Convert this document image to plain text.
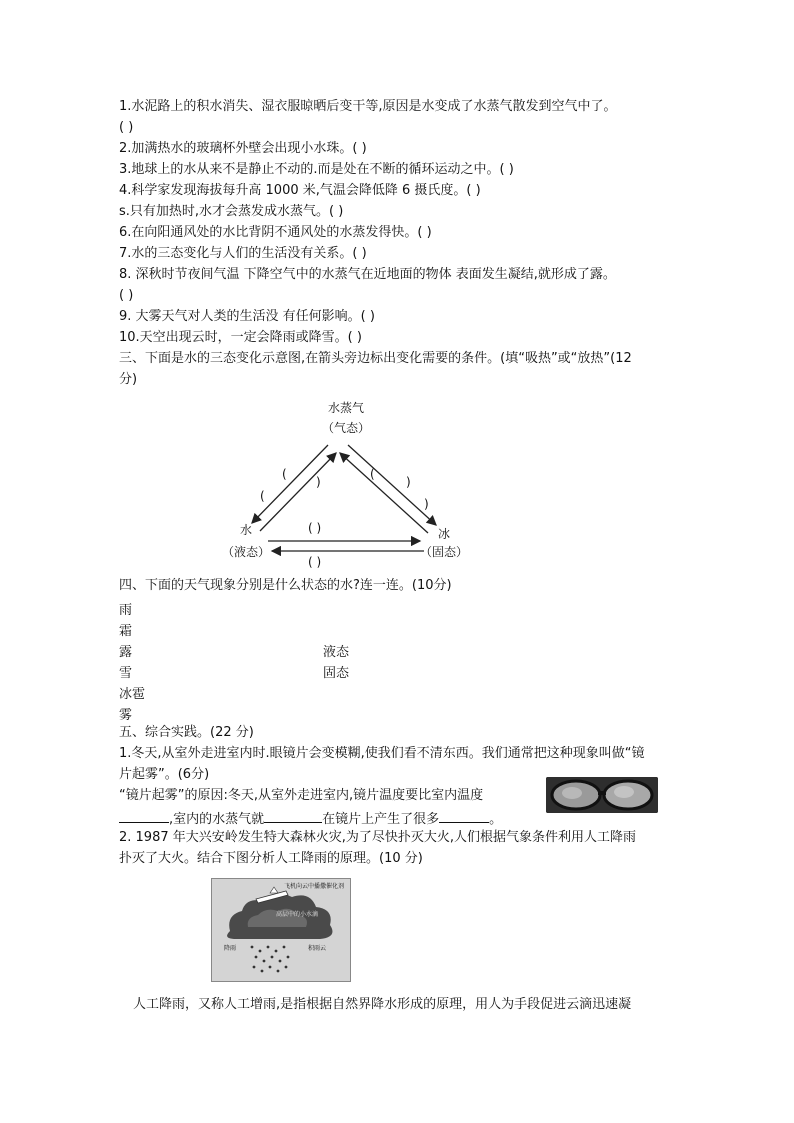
1.水泥路上的积水消失、湿衣服晾晒后变干等,原因是水变成了水蒸气散发到空气中了。
( )
2.加满热水的玻璃杯外壁会出现小水珠。( )
3.地球上的水从来不是静止不动的.而是处在不断的循环运动之中。( )
4.科学家发现海拔每升高 1000 米,气温会降低降 6 摄氏度。( )
s.只有加热时,水才会蒸发成水蒸气。( )
6.在向阳通风处的水比背阴不通风处的水蒸发得快。( )
7.水的三态变化与人们的生活没有关系。( )
8. 深秋时节夜间气温 下降空气中的水蒸气在近地面的物体 表面发生凝结,就形成了露。
( )
9. 大雾天气对人类的生活没 有任何影响。( )
10.天空出现云时，一定会降雨或降雪。( )
三、下面是水的三态变化示意图,在箭头旁边标出变化需要的条件。(填“吸热”或“放热”(12
分)
水蒸气
（气态）
水
（液态）
冰
（固态）
(
(
)
(
)
)
( )
( )
四、下面的天气现象分别是什么状态的水?连一连。(10分)
雨
霜
露	液态
雪	固态
冰雹
雾
五、综合实践。(22 分)
1.冬天,从室外走进室内时.眼镜片会变模糊,使我们看不清东西。我们通常把这种现象叫做“镜
片起雾”。(6分)
“镜片起雾”的原因:冬天,从室外走进室内,镜片温度要比室内温度
,室内的水蒸气就	在镜片上产生了很多	。
2. 1987 年大兴安岭发生特大森林火灾,为了尽快扑灭大火,人们根据气象条件利用人工降雨
扑灭了大火。结合下图分析人工降雨的原理。(10 分)
飞机向云中播撒催化剂
高层中的小水滴
降雨	积雨云
人工降雨，又称人工增雨,是指根据自然界降水形成的原理，用人为手段促进云滴迅速凝
